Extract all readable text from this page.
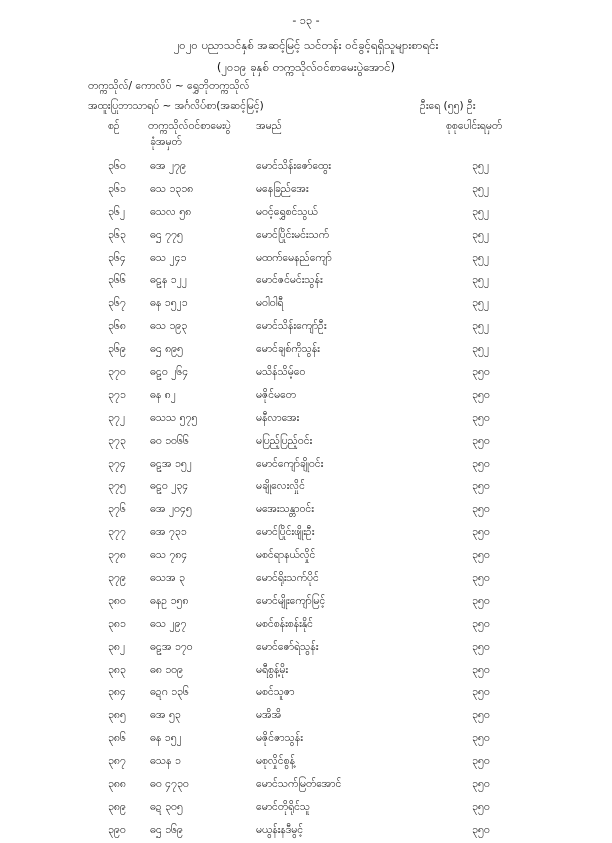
- ၁၃ -
၂၀၂၀ ပညာသင်နှစ် အဆင့်မြင့် သင်တန်း ဝင်ခွင့်ရရှိသူများစာရင်း
(၂၀၁၉ ခုနှစ် တက္ကသိုလ်ဝင်စာမေးပွဲအောင်)
တက္ကသိုလ်/ ကောလိပ် ~ ရွှေဘိုတက္ကသိုလ်
အထူးပြုဘာသာရပ် ~ အင်္ဂလိပ်စာ(အဆင့်မြင့်)	ဦးရေ (၅၅) ဦး
စဉ်	တက္ကသိုလ်ဝင်စာမေးပွဲ
ခုံအမှတ်
အမည်	စုစုပေါင်းရမှတ်
၃၆၀ ဓအ ၂၇၉	မောင်သိန်းဇော်ထွေး	၃၅၂
၃၆၁ ဓသ ၁၃၁၈	မနေခြည်အေး	၃၅၂
၃၆၂ ဓသလ ၅၈	မဝင့်ရွှေစင်သွယ်	၃၅၂
၃၆၃ ဓဌ ၇၇၅	မောင်ပြိုင်းမင်းသက်	၃၅၂
၃၆၄ ဓသ ၂၄၁	မထက်မေနည်ကျော်	၃၅၂
၃၆၆ ဓဠန ၁၂၂	မောင်ဇင်မင်းသွန်း	၃၅၂
၃၆၇ ဓန ၁၅၂၁	မဝါဝါရီ	၃၅၂
၃၆၈ ဓသ ၁၉၃	မောင်သိန်းကျော်ဦး	၃၅၂
၃၆၉ ဓဌ ၈၉၅	မောင်ချစ်ကိုသွန်း	၃၅၂
၃၇၀ ဓဠ၀ ၂၆၄	မသိန်သိမ့်ဝေ	၃၅၀
၃၇၁ ဓန ၈၂	မဇိုင်မတေ	၃၅၀
၃၇၂ ဓသသ ၅၇၅	မနီလာအေး	၃၅၀
၃၇၃ ဓဝ ၁၀၆၆	မပြည့်ပြည့်ဝင်း	၃၅၀
၃၇၄ ဓဠအ ၁၅၂	မောင်ကျော်ချိုဝင်း	၃၅၀
၃၇၅ ဓဠ၀ ၂၃၄	မချိုလေးလှိုင်	၃၅၀
၃၇၆ ဓအ ၂၀၄၅	မအေးသန္တာဝင်း	၃၅၀
၃၇၇ ဓအ ၇၃၁	မောင်ပြိုင်းဖျိုးဦး	၃၅၀
၃၇၈ ဓသ ၇၈၄	မစင်ရာနယ်လှိုင်	၃၅၀
၃၇၉ ဓသအ ၃	မောင်ရိုးသက်ပိုင်	၃၅၀
၃၈၀ ဓနဥ ၁၅၈	မောင်မျိုးကျော်မြင့်	၃၅၀
၃၈၁ ဓသ ၂၉၇	မစင်စန်းစန်းနိုင်	၃၅၀
၃၈၂ ဓဠအ ၁၇၀	မောင်ဇော်ရဲသွန်း	၃၅၀
၃၈၃ ဓ၈ ၁၀၉	မရီစွန့်မိုး	၃၅၀
၃၈၄ ဓဍဂ ၁၃၆	မစင်သူဇာ	၃၅၀
၃၈၅ ဓအ ၅၃	မအိအိ	၃၅၀
၃၈၆ ဓန ၁၅၂	မဇိုင်ဇာသွန်း	၃၅၀
၃၈၇ ဓသန ၁	မစုလှိုင်စွန့်	၃၅၀
၃၈၈ ဓဝ ၄၇၃၀	မောင်သက်မြတ်အောင်	၃၅၀
၃၈၉ ဓဍ ၃၀၅	မောင်တိုရိုင်သူ	၃၅၀
၃၉၀ ဓဌ ၁၆၉	မယွန်းနဒီမွင့်	၃၅၀
